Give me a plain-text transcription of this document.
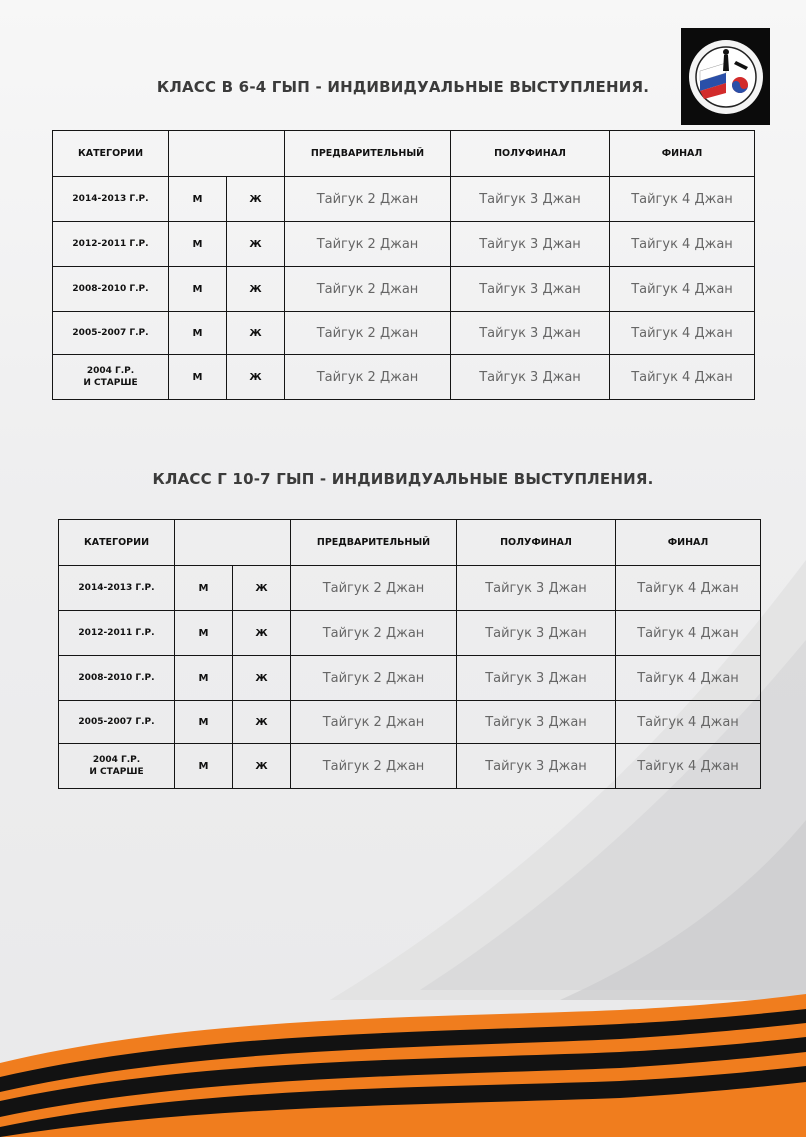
КЛАСС В 6-4 ГЫП - ИНДИВИДУАЛЬНЫЕ ВЫСТУПЛЕНИЯ.
КАТЕГОРИИ			ПРЕДВАРИТЕЛЬНЫЙ	ПОЛУФИНАЛ	ФИНАЛ
2014-2013 Г.Р.	М	Ж	Тайгук 2 Джан	Тайгук 3 Джан	Тайгук 4 Джан
2012-2011 Г.Р.	М	Ж	Тайгук 2 Джан	Тайгук 3 Джан	Тайгук 4 Джан
2008-2010 Г.Р.	М	Ж	Тайгук 2 Джан	Тайгук 3 Джан	Тайгук 4 Джан
2005-2007 Г.Р.	М	Ж	Тайгук 2 Джан	Тайгук 3 Джан	Тайгук 4 Джан

2004 Г.Р.
И СТАРШЕ	М	Ж	Тайгук 2 Джан	Тайгук 3 Джан	Тайгук 4 Джан
КЛАСС Г 10-7 ГЫП - ИНДИВИДУАЛЬНЫЕ ВЫСТУПЛЕНИЯ.
КАТЕГОРИИ			ПРЕДВАРИТЕЛЬНЫЙ	ПОЛУФИНАЛ	ФИНАЛ
2014-2013 Г.Р.	М	Ж	Тайгук 2 Джан	Тайгук 3 Джан	Тайгук 4 Джан
2012-2011 Г.Р.	М	Ж	Тайгук 2 Джан	Тайгук 3 Джан	Тайгук 4 Джан
2008-2010 Г.Р.	М	Ж	Тайгук 2 Джан	Тайгук 3 Джан	Тайгук 4 Джан
2005-2007 Г.Р.	М	Ж	Тайгук 2 Джан	Тайгук 3 Джан	Тайгук 4 Джан

2004 Г.Р.
И СТАРШЕ	М	Ж	Тайгук 2 Джан	Тайгук 3 Джан	Тайгук 4 Джан
